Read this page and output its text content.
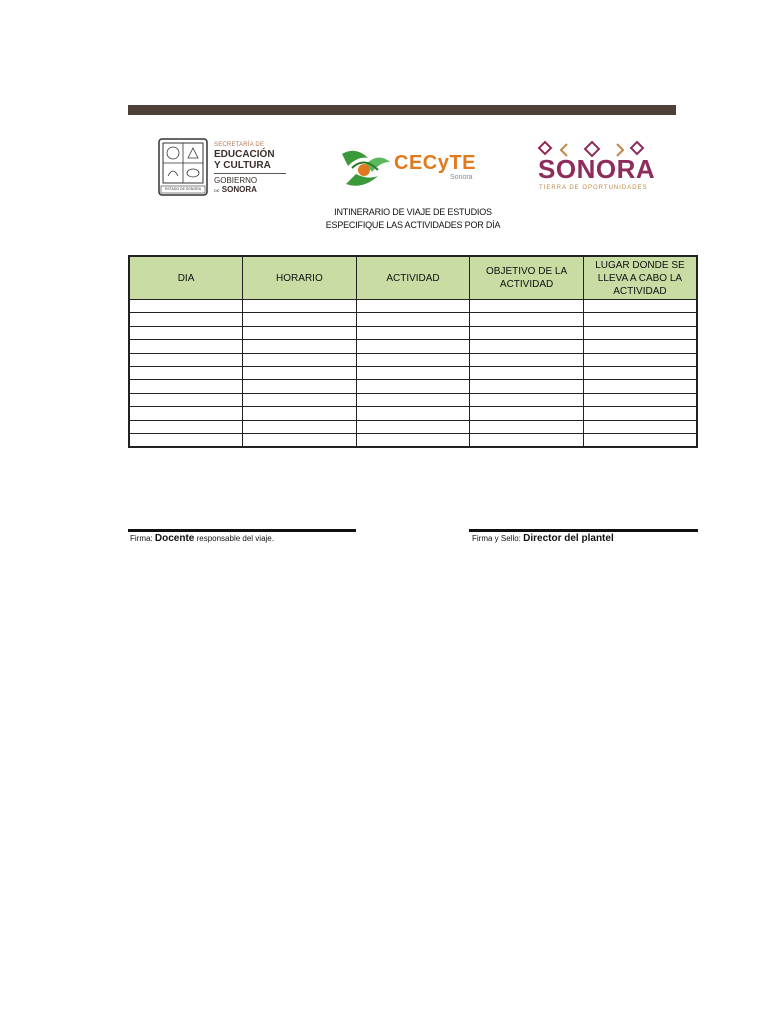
ESTADO DE SONORA
SECRETARÍA DE
EDUCACIÓN
Y CULTURA
GOBIERNO
DE SONORA
CECyTE
Sonora	SONORA
TIERRA DE OPORTUNIDADES
INTINERARIO DE VIAJE DE ESTUDIOS
ESPECIFIQUE LAS ACTIVIDADES POR DÍA
DIA	HORARIO	ACTIVIDAD	OBJETIVO DE LA ACTIVIDAD	LUGAR DONDE SE LLEVA A CABO LA ACTIVIDAD

Firma: Docente responsable del viaje.	Firma y Sello: Director del plantel
